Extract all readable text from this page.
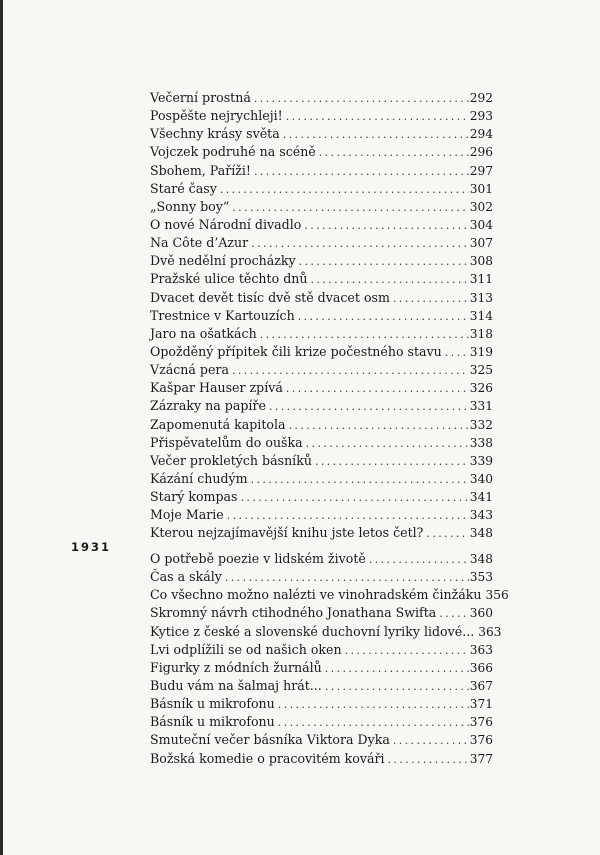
Večerní prostná .....	292
Pospěšte nejrychleji! .....	293
Všechny krásy světa .....	294
Vojczek podruhé na scéně .....	296
Sbohem, Paříži! .....	297
Staré časy .....	301
„Sonny boy“ .....	302
O nové Národní divadlo .....	304
Na Côte d’Azur .....	307
Dvě nedělní procházky .....	308
Pražské ulice těchto dnů .....	311
Dvacet devět tisíc dvě stě dvacet osm .....	313
Trestnice v Kartouzích .....	314
Jaro na ošatkách .....	318
Opožděný přípitek čili krize počestného stavu ..... 319
Vzácná pera .....	325
Kašpar Hauser zpívá .....	326
Zázraky na papíře .....	331
Zapomenutá kapitola .....	332
Přispěvatelům do ouška .....	338
Večer prokletých básníků .....	339
Kázání chudým .....	340
Starý kompas .....	341
Moje Marie .....	343
Kterou nejzajímavější knihu jste letos četl? .....	348
1931
O potřebě poezie v lidském životě .....	348
Čas a skály .....	353
Co všechno možno nalézti ve vinohradském činžáku 356
Skromný návrh ctihodného Jonathana Swifta .....	360
Kytice z české a slovenské duchovní lyriky lidové... 363
Lvi odplížili se od našich oken .....	363
Figurky z módních žurnálů .....	366
Budu vám na šalmaj hrát... .....	367
Básník u mikrofonu .....	371
Básník u mikrofonu .....	376
Smuteční večer básníka Viktora Dyka .....	376
Božská komedie o pracovitém kováři .....	377
